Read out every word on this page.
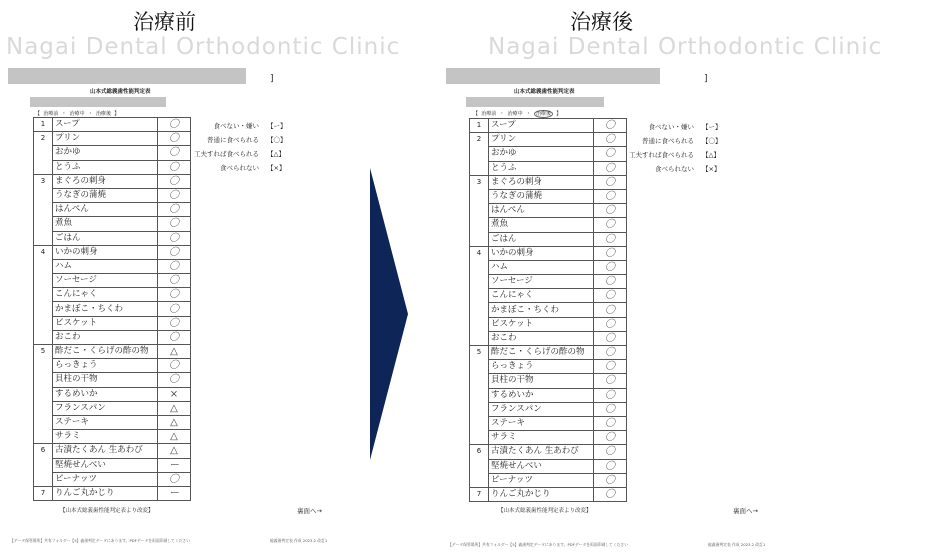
治療前	治療後
Nagai Dental Orthodontic Clinic	Nagai Dental Orthodontic Clinic
]
山本式総義歯性能判定表
【 治療前 ・ 治療中 ・ 治療後 】
1	スープ	〇
2	プリン	〇
	おかゆ	〇
	とうふ	〇
3	まぐろの刺身	〇
	うなぎの蒲焼	〇
	はんぺん	〇
	煮魚	〇
	ごはん	〇
4	いかの刺身	〇
	ハム	〇
	ソーセージ	〇
	こんにゃく	〇
	かまぼこ・ちくわ	〇
	ビスケット	〇
	おこわ	〇
5	酢だこ・くらげの酢の物	△
	らっきょう	〇
	貝柱の干物	〇
	するめいか	×
	フランスパン	△
	ステーキ	△
	サラミ	△
6	古漬たくあん 生あわび	△
	堅焼せんべい	ー
	ピーナッツ	〇
7	りんご丸かじり	ー
食べない・嫌い 【ー】
普通に食べられる 【〇】
工夫すれば食べられる 【△】
食べられない 【×】
【山本式総義歯性能判定表より改変】	裏面へ→
【データ保管場所】共有フォルダー【5】義歯判定データにあります。PDFデータを両面印刷してください	総義歯判定表 作成 2023.2 改訂1
]
山本式総義歯性能判定表
【 治療前 ・ 治療中 ・ 治療後 】
1	スープ	〇
2	プリン	〇
	おかゆ	〇
	とうふ	〇
3	まぐろの刺身	〇
	うなぎの蒲焼	〇
	はんぺん	〇
	煮魚	〇
	ごはん	〇
4	いかの刺身	〇
	ハム	〇
	ソーセージ	〇
	こんにゃく	〇
	かまぼこ・ちくわ	〇
	ビスケット	〇
	おこわ	〇
5	酢だこ・くらげの酢の物	〇
	らっきょう	〇
	貝柱の干物	〇
	するめいか	〇
	フランスパン	〇
	ステーキ	〇
	サラミ	〇
6	古漬たくあん 生あわび	〇
	堅焼せんべい	〇
	ピーナッツ	〇
7	りんご丸かじり	〇
食べない・嫌い 【ー】
普通に食べられる 【〇】
工夫すれば食べられる 【△】
食べられない 【×】
【山本式総義歯性能判定表より改変】	裏面へ→
【データ保管場所】共有フォルダー【5】義歯判定データにあります。PDFデータを両面印刷してください	総義歯判定表 作成 2023.2 改訂1
